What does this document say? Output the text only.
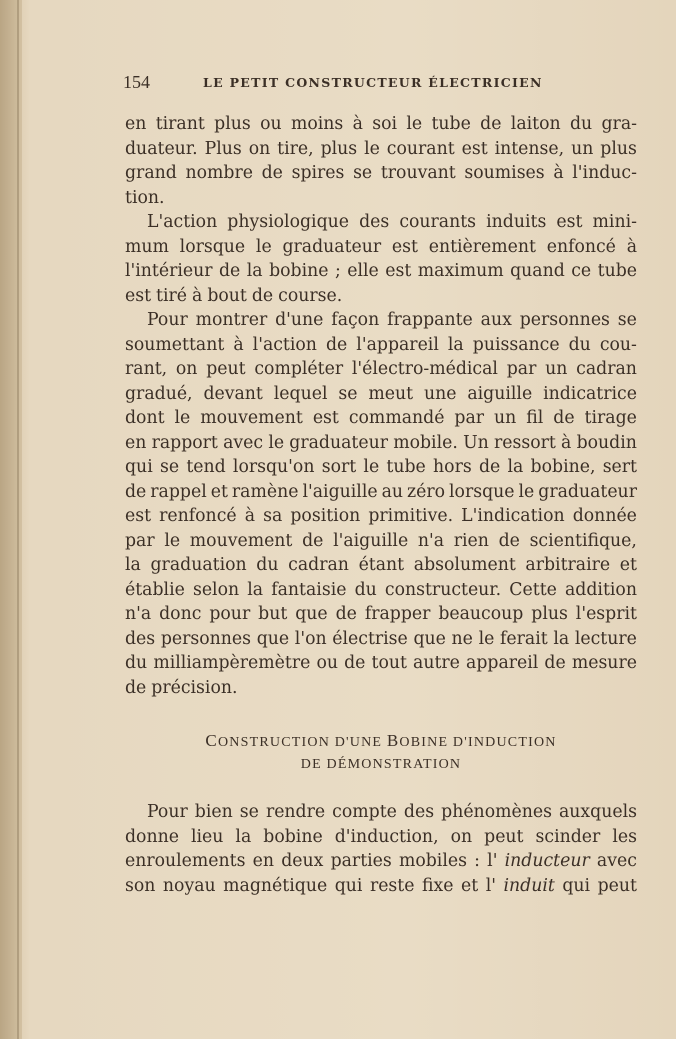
154	LE PETIT CONSTRUCTEUR ÉLECTRICIEN
en tirant plus ou moins à soi le tube de laiton du gra-
duateur. Plus on tire, plus le courant est intense, un plus
grand nombre de spires se trouvant soumises à l'induc-
tion.
L'action physiologique des courants induits est mini-
mum lorsque le graduateur est entièrement enfoncé à
l'intérieur de la bobine ; elle est maximum quand ce tube
est tiré à bout de course.
Pour montrer d'une façon frappante aux personnes se
soumettant à l'action de l'appareil la puissance du cou-
rant, on peut compléter l'électro-médical par un cadran
gradué, devant lequel se meut une aiguille indicatrice
dont le mouvement est commandé par un fil de tirage
en rapport avec le graduateur mobile. Un ressort à boudin
qui se tend lorsqu'on sort le tube hors de la bobine, sert
de rappel et ramène l'aiguille au zéro lorsque le graduateur
est renfoncé à sa position primitive. L'indication donnée
par le mouvement de l'aiguille n'a rien de scientifique,
la graduation du cadran étant absolument arbitraire et
établie selon la fantaisie du constructeur. Cette addition
n'a donc pour but que de frapper beaucoup plus l'esprit
des personnes que l'on électrise que ne le ferait la lecture
du milliampèremètre ou de tout autre appareil de mesure
de précision.
CONSTRUCTION D'UNE BOBINE D'INDUCTION
DE DÉMONSTRATION
Pour bien se rendre compte des phénomènes auxquels
donne lieu la bobine d'induction, on peut scinder les
enroulements en deux parties mobiles : l' inducteur avec
son noyau magnétique qui reste fixe et l' induit qui peut
